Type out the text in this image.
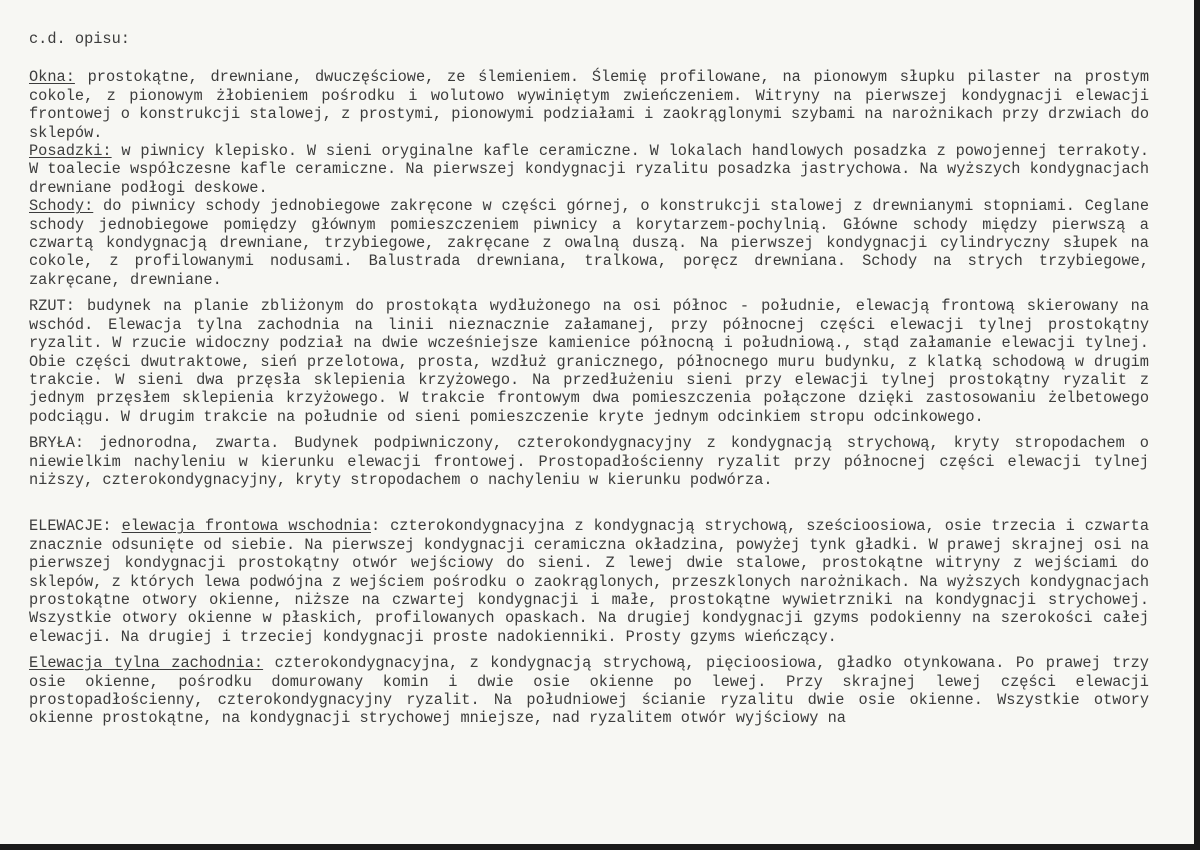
c.d. opisu:

Okna: prostokątne, drewniane, dwuczęściowe, ze ślemieniem. Ślemię profilowane, na pionowym słupku pilaster na prostym cokole, z pionowym żłobieniem pośrodku i wolutowo wywiniętym zwieńczeniem. Witryny na pierwszej kondygnacji elewacji frontowej o konstrukcji stalowej, z prostymi, pionowymi podziałami i zaokrąglonymi szybami na narożnikach przy drzwiach do sklepów.

Posadzki: w piwnicy klepisko. W sieni oryginalne kafle ceramiczne. W lokalach handlowych posadzka z powojennej terrakoty. W toalecie współczesne kafle ceramiczne. Na pierwszej kondygnacji ryzalitu posadzka jastrychowa. Na wyższych kondygnacjach drewniane podłogi deskowe.

Schody: do piwnicy schody jednobiegowe zakręcone w części górnej, o konstrukcji stalowej z drewnianymi stopniami. Ceglane schody jednobiegowe pomiędzy głównym pomieszczeniem piwnicy a korytarzem-pochylnią. Główne schody między pierwszą a czwartą kondygnacją drewniane, trzybiegowe, zakręcane z owalną duszą. Na pierwszej kondygnacji cylindryczny słupek na cokole, z profilowanymi nodusami. Balustrada drewniana, tralkowa, poręcz drewniana. Schody na strych trzybiegowe, zakręcane, drewniane.

RZUT: budynek na planie zbliżonym do prostokąta wydłużonego na osi północ - południe, elewacją frontową skierowany na wschód. Elewacja tylna zachodnia na linii nieznacznie załamanej, przy północnej części elewacji tylnej prostokątny ryzalit. W rzucie widoczny podział na dwie wcześniejsze kamienice północną i południową., stąd załamanie elewacji tylnej. Obie części dwutraktowe, sień przelotowa, prosta, wzdłuż granicznego, północnego muru budynku, z klatką schodową w drugim trakcie. W sieni dwa przęsła sklepienia krzyżowego. Na przedłużeniu sieni przy elewacji tylnej prostokątny ryzalit z jednym przęsłem sklepienia krzyżowego. W trakcie frontowym dwa pomieszczenia połączone dzięki zastosowaniu żelbetowego podciągu. W drugim trakcie na południe od sieni pomieszczenie kryte jednym odcinkiem stropu odcinkowego.

BRYŁA: jednorodna, zwarta. Budynek podpiwniczony, czterokondygnacyjny z kondygnacją strychową, kryty stropodachem o niewielkim nachyleniu w kierunku elewacji frontowej. Prostopadłościenny ryzalit przy północnej części elewacji tylnej niższy, czterokondygnacyjny, kryty stropodachem o nachyleniu w kierunku podwórza.

ELEWACJE: elewacja frontowa wschodnia: czterokondygnacyjna z kondygnacją strychową, sześcioosiowa, osie trzecia i czwarta znacznie odsunięte od siebie. Na pierwszej kondygnacji ceramiczna okładzina, powyżej tynk gładki. W prawej skrajnej osi na pierwszej kondygnacji prostokątny otwór wejściowy do sieni. Z lewej dwie stalowe, prostokątne witryny z wejściami do sklepów, z których lewa podwójna z wejściem pośrodku o zaokrąglonych, przeszklonych narożnikach. Na wyższych kondygnacjach prostokątne otwory okienne, niższe na czwartej kondygnacji i małe, prostokątne wywietrzniki na kondygnacji strychowej. Wszystkie otwory okienne w płaskich, profilowanych opaskach. Na drugiej kondygnacji gzyms podokienny na szerokości całej elewacji. Na drugiej i trzeciej kondygnacji proste nadokienniki. Prosty gzyms wieńczący.

Elewacja tylna zachodnia: czterokondygnacyjna, z kondygnacją strychową, pięcioosiowa, gładko otynkowana. Po prawej trzy osie okienne, pośrodku domurowany komin i dwie osie okienne po lewej. Przy skrajnej lewej części elewacji prostopadłościenny, czterokondygnacyjny ryzalit. Na południowej ścianie ryzalitu dwie osie okienne. Wszystkie otwory okienne prostokątne, na kondygnacji strychowej mniejsze, nad ryzalitem otwór wyjściowy na
